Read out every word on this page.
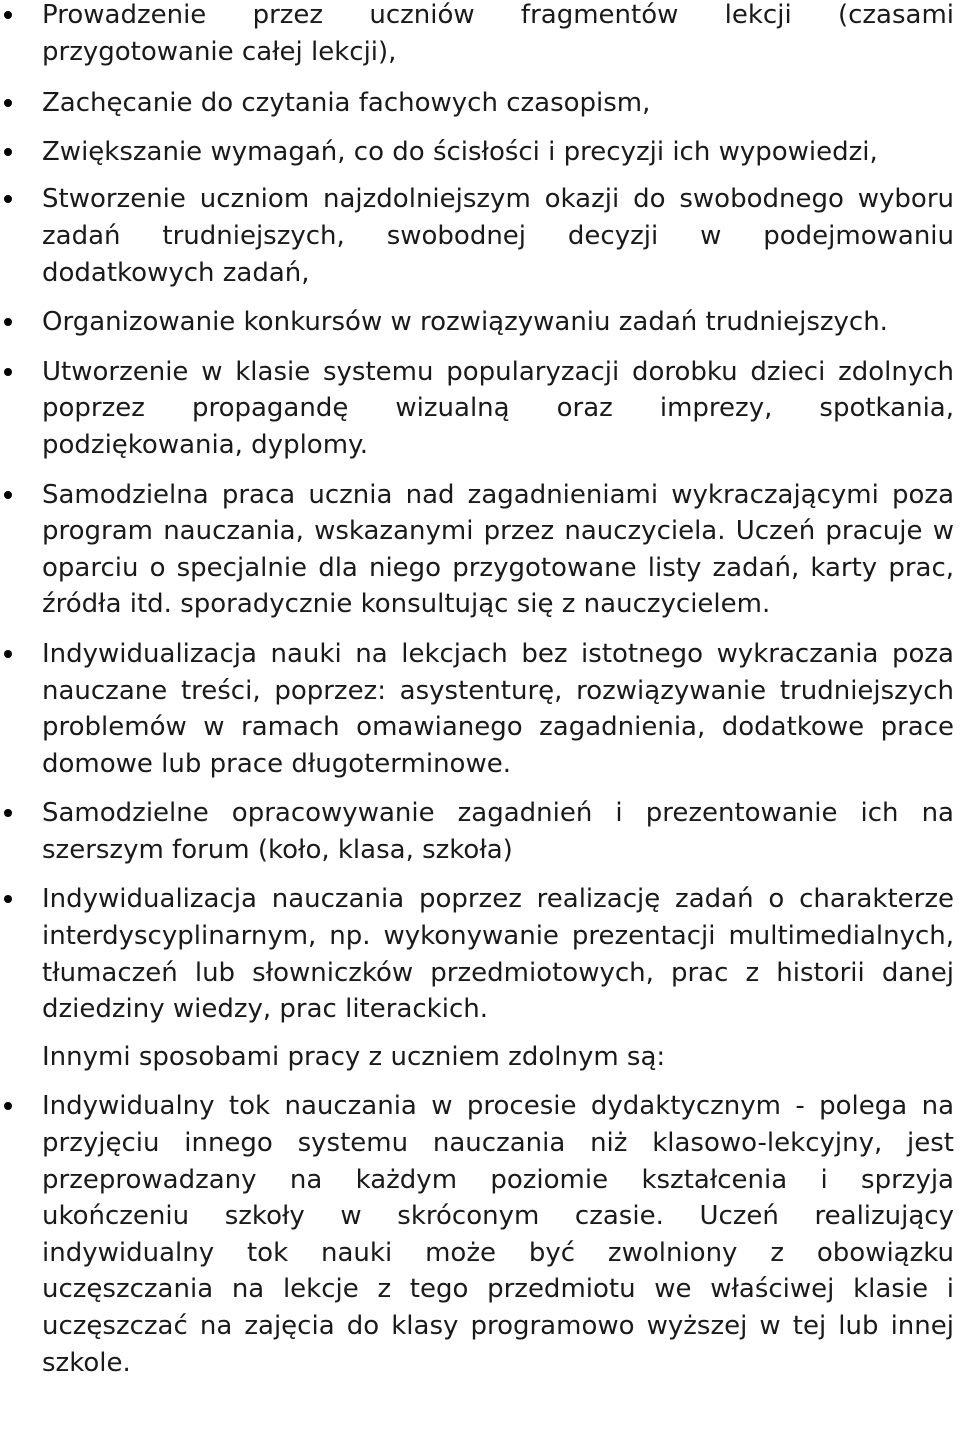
Prowadzenie przez uczniów fragmentów lekcji (czasami przygotowanie całej lekcji),
Zachęcanie do czytania fachowych czasopism,
Zwiększanie wymagań, co do ścisłości i precyzji ich wypowiedzi,
Stworzenie uczniom najzdolniejszym okazji do swobodnego wyboru zadań trudniejszych, swobodnej decyzji w podejmowaniu dodatkowych zadań,
Organizowanie konkursów w rozwiązywaniu zadań trudniejszych.
Utworzenie w klasie systemu popularyzacji dorobku dzieci zdolnych poprzez propagandę wizualną oraz imprezy, spotkania, podziękowania, dyplomy.
Samodzielna praca ucznia nad zagadnieniami wykraczającymi poza program nauczania, wskazanymi przez nauczyciela. Uczeń pracuje w oparciu o specjalnie dla niego przygotowane listy zadań, karty prac, źródła itd. sporadycznie konsultując się z nauczycielem.
Indywidualizacja nauki na lekcjach bez istotnego wykraczania poza nauczane treści, poprzez: asystenturę, rozwiązywanie trudniejszych problemów w ramach omawianego zagadnienia, dodatkowe prace domowe lub prace długoterminowe.
Samodzielne opracowywanie zagadnień i prezentowanie ich na szerszym forum (koło, klasa, szkoła)
Indywidualizacja nauczania poprzez realizację zadań o charakterze interdyscyplinarnym, np. wykonywanie prezentacji multimedialnych, tłumaczeń lub słowniczków przedmiotowych, prac z historii danej dziedziny wiedzy, prac literackich.
Innymi sposobami pracy z uczniem zdolnym są:
Indywidualny tok nauczania w procesie dydaktycznym - polega na przyjęciu innego systemu nauczania niż klasowo-lekcyjny, jest przeprowadzany na każdym poziomie kształcenia i sprzyja ukończeniu szkoły w skróconym czasie. Uczeń realizujący indywidualny tok nauki może być zwolniony z obowiązku uczęszczania na lekcje z tego przedmiotu we właściwej klasie i uczęszczać na zajęcia do klasy programowo wyższej w tej lub innej szkole.
